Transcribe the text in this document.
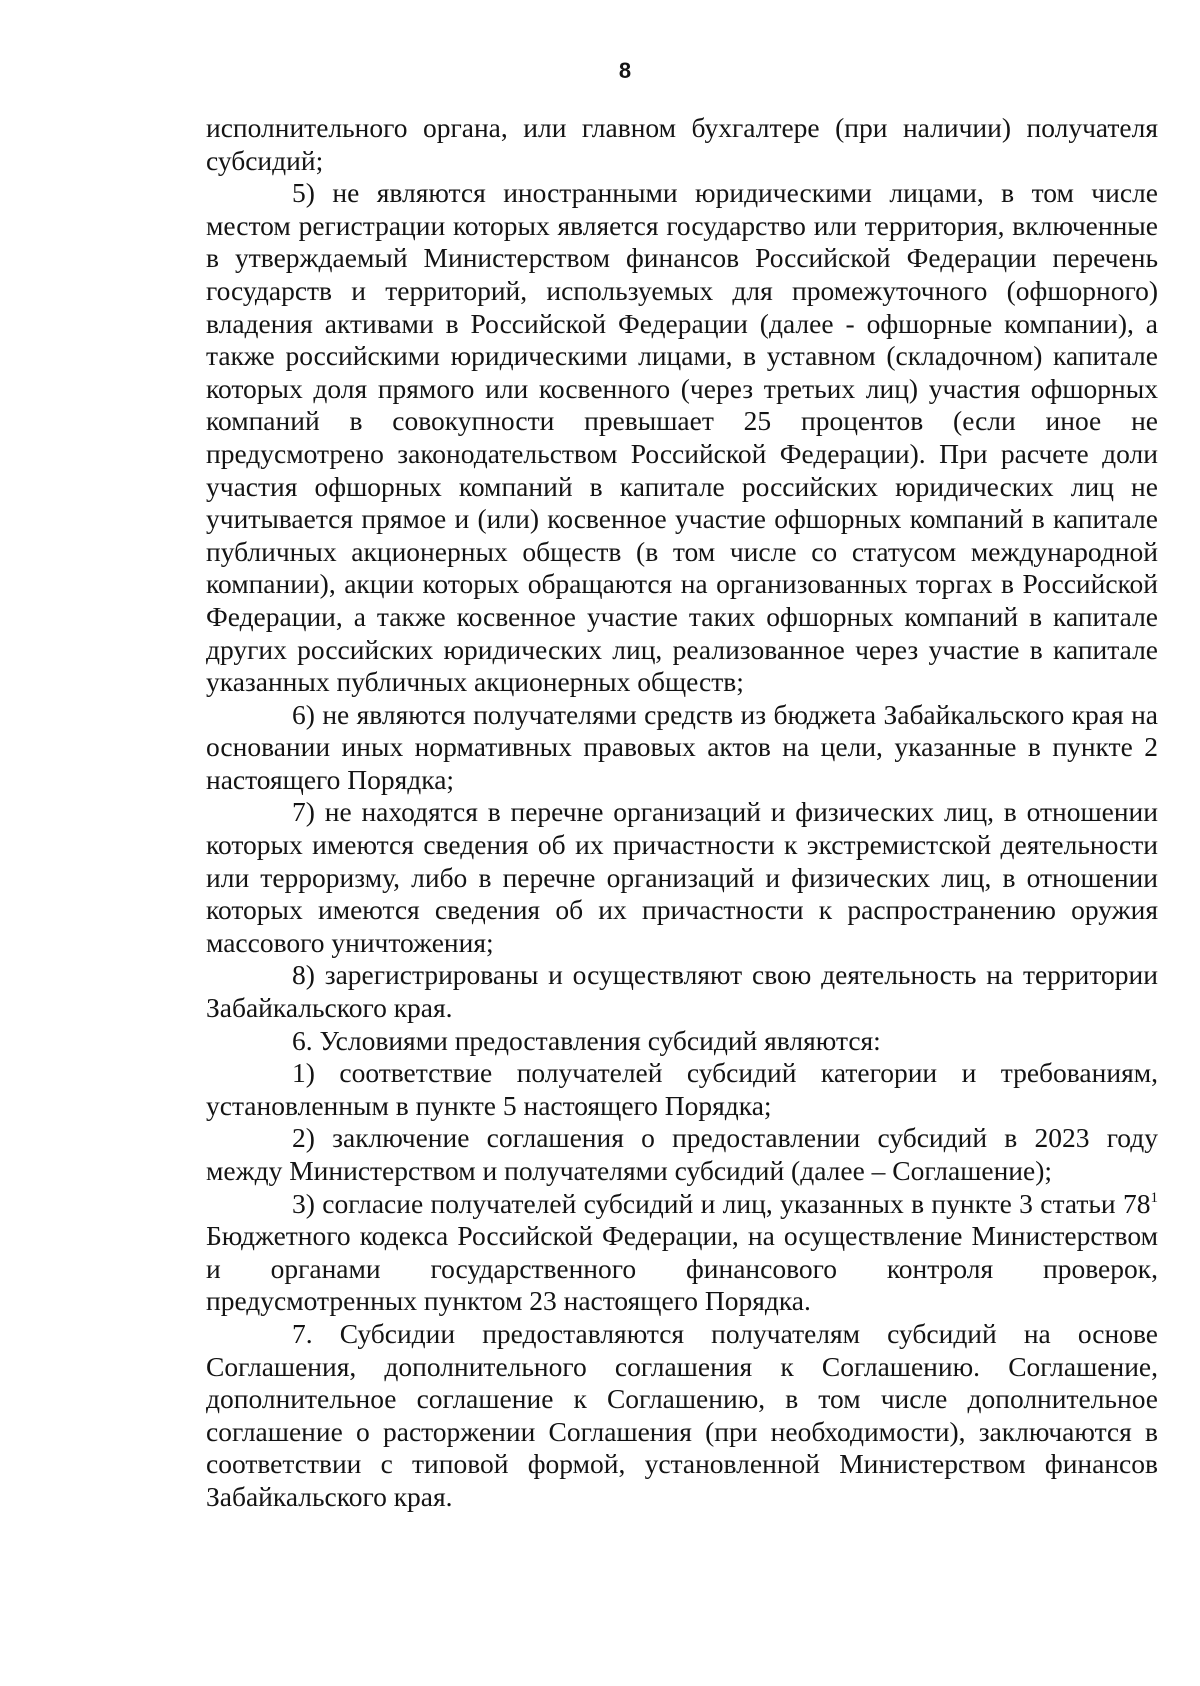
8

исполнительного органа, или главном бухгалтере (при наличии) получателя субсидий;

5) не являются иностранными юридическими лицами, в том числе местом регистрации которых является государство или территория, включенные в утверждаемый Министерством финансов Российской Федерации перечень государств и территорий, используемых для промежуточного (офшорного) владения активами в Российской Федерации (далее - офшорные компании), а также российскими юридическими лицами, в уставном (складочном) капитале которых доля прямого или косвенного (через третьих лиц) участия офшорных компаний в совокупности превышает 25 процентов (если иное не предусмотрено законодательством Российской Федерации). При расчете доли участия офшорных компаний в капитале российских юридических лиц не учитывается прямое и (или) косвенное участие офшорных компаний в капитале публичных акционерных обществ (в том числе со статусом международной компании), акции которых обращаются на организованных торгах в Российской Федерации, а также косвенное участие таких офшорных компаний в капитале других российских юридических лиц, реализованное через участие в капитале указанных публичных акционерных обществ;

6) не являются получателями средств из бюджета Забайкальского края на основании иных нормативных правовых актов на цели, указанные в пункте 2 настоящего Порядка;

7) не находятся в перечне организаций и физических лиц, в отношении которых имеются сведения об их причастности к экстремистской деятельности или терроризму, либо в перечне организаций и физических лиц, в отношении которых имеются сведения об их причастности к распространению оружия массового уничтожения;

8) зарегистрированы и осуществляют свою деятельность на территории Забайкальского края.

6. Условиями предоставления субсидий являются:

1) соответствие получателей субсидий категории и требованиям, установленным в пункте 5 настоящего Порядка;

2) заключение соглашения о предоставлении субсидий в 2023 году между Министерством и получателями субсидий (далее – Соглашение);

3) согласие получателей субсидий и лиц, указанных в пункте 3 статьи $78^1$ Бюджетного кодекса Российской Федерации, на осуществление Министерством и органами государственного финансового контроля проверок, предусмотренных пунктом 23 настоящего Порядка.

7. Субсидии предоставляются получателям субсидий на основе Соглашения, дополнительного соглашения к Соглашению. Соглашение, дополнительное соглашение к Соглашению, в том числе дополнительное соглашение о расторжении Соглашения (при необходимости), заключаются в соответствии с типовой формой, установленной Министерством финансов Забайкальского края.
